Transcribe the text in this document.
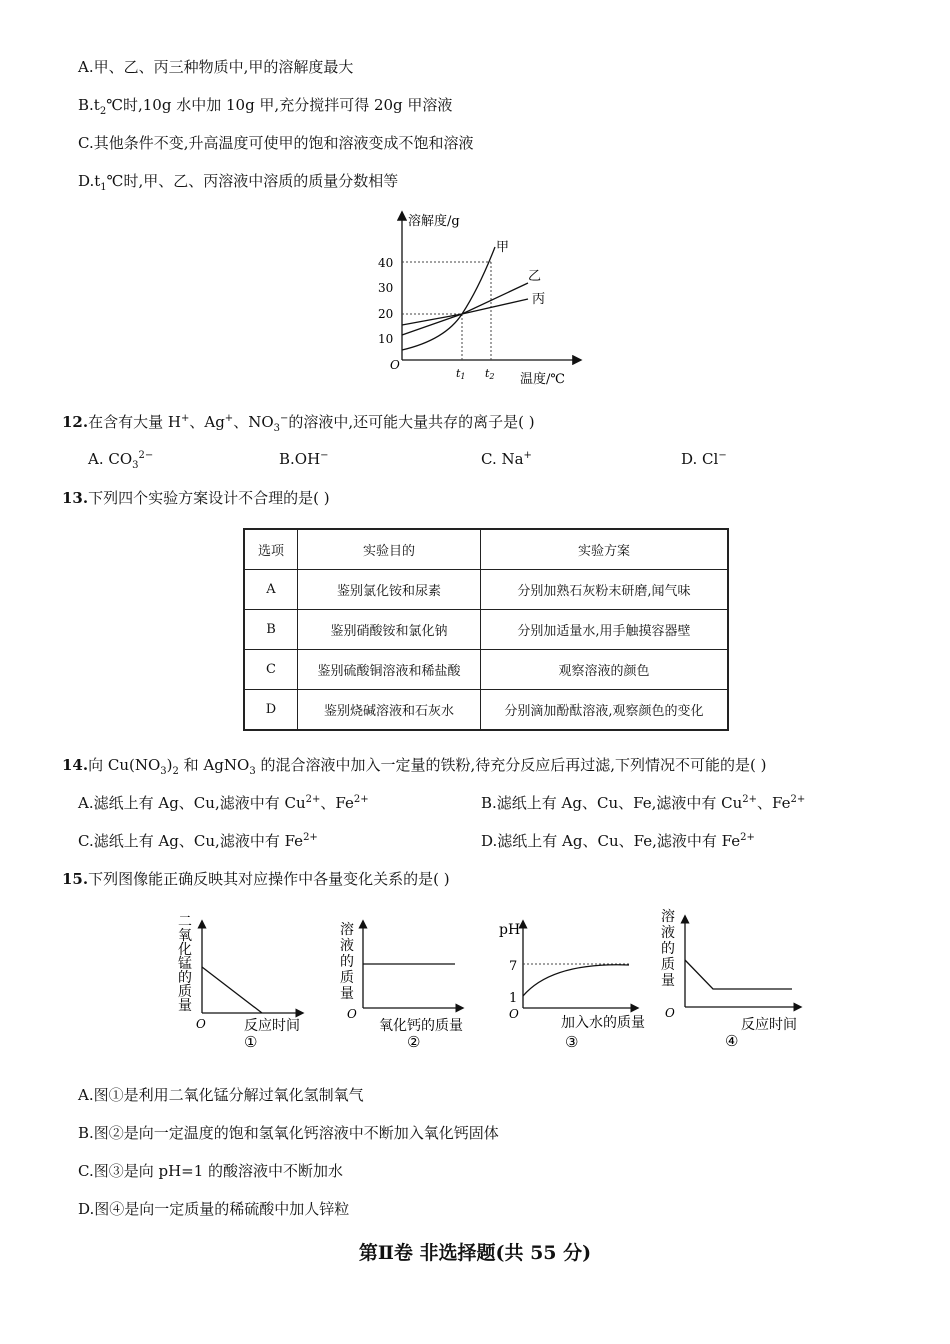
A.甲、乙、丙三种物质中,甲的溶解度最大
$B.t_2℃$时,10g 水中加 10g 甲,充分搅拌可得 20g 甲溶液
C.其他条件不变,升高温度可使甲的饱和溶液变成不饱和溶液
$D.t_1℃$时,甲、乙、丙溶液中溶质的质量分数相等
溶解度/g
温度/℃
O
40
30
20
10
t1 t2
甲
乙
丙
12.在含有大量 H+、Ag+、$NO_3^-$的溶液中,还可能大量共存的离子是( )
A. $CO_3^{2-}$	B.OH−	C. Na+	D. Cl−
13.下列四个实验方案设计不合理的是( )
选项	实验目的	实验方案
A	鉴别氯化铵和尿素	分别加熟石灰粉末研磨,闻气味
B	鉴别硝酸铵和氯化钠	分别加适量水,用手触摸容器壁
C	鉴别硫酸铜溶液和稀盐酸	观察溶液的颜色
D	鉴别烧碱溶液和石灰水	分别滴加酚酞溶液,观察颜色的变化
14.向 $Cu(NO_3)_2$ 和 AgNO$_3$ 的混合溶液中加入一定量的铁粉,待充分反应后再过滤,下列情况不可能的是( )
A.滤纸上有 Ag、Cu,滤液中有 $Cu^{2+}$、$Fe^{2+}$	B.滤纸上有 Ag、Cu、Fe,滤液中有 $Cu^{2+}$、$Fe^{2+}$
C.滤纸上有 Ag、Cu,滤液中有 $Fe^{2+}$	D.滤纸上有 Ag、Cu、Fe,滤液中有 $Fe^{2+}$
15.下列图像能正确反映其对应操作中各量变化关系的是( )
二 氧 化 锰 的 质 量
O	反应时间
①
溶 液 的 质 量
O
氧化钙的质量
②
pH
7
1
O
加入水的质量
③
溶 液 的 质 量
O
反应时间
④
A.图①是利用二氧化锰分解过氧化氢制氧气
B.图②是向一定温度的饱和氢氧化钙溶液中不断加入氧化钙固体
C.图③是向 pH=1 的酸溶液中不断加水
D.图④是向一定质量的稀硫酸中加人锌粒
第Ⅱ卷 非选择题(共 55 分)
